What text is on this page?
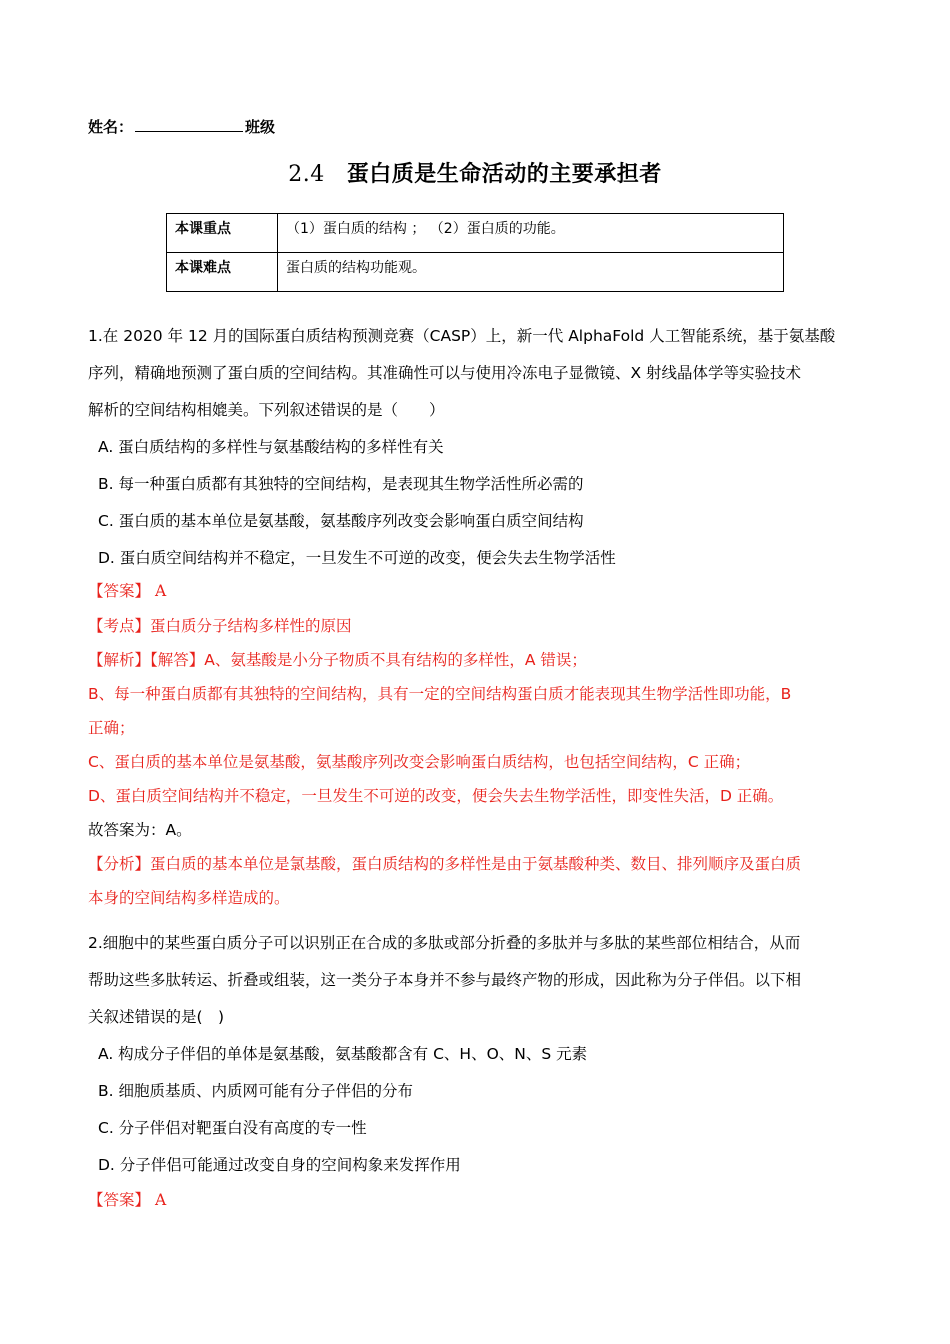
姓名：	班级
2.4 蛋白质是生命活动的主要承担者
本课重点	（1）蛋白质的结构 ； （2）蛋白质的功能。
本课难点	蛋白质的结构功能观。
1.在 2020 年 12 月的国际蛋白质结构预测竞赛（CASP）上，新一代 AlphaFold 人工智能系统，基于氨基酸
序列，精确地预测了蛋白质的空间结构。其准确性可以与使用冷冻电子显微镜、X 射线晶体学等实验技术
解析的空间结构相媲美。下列叙述错误的是（　　）
A. 蛋白质结构的多样性与氨基酸结构的多样性有关
B. 每一种蛋白质都有其独特的空间结构，是表现其生物学活性所必需的
C. 蛋白质的基本单位是氨基酸，氨基酸序列改变会影响蛋白质空间结构
D. 蛋白质空间结构并不稳定，一旦发生不可逆的改变，便会失去生物学活性
【答案】 A
【考点】蛋白质分子结构多样性的原因
【解析】【解答】A、氨基酸是小分子物质不具有结构的多样性，A 错误；
B、每一种蛋白质都有其独特的空间结构，具有一定的空间结构蛋白质才能表现其生物学活性即功能，B
正确；
C、蛋白质的基本单位是氨基酸，氨基酸序列改变会影响蛋白质结构，也包括空间结构，C 正确；
D、蛋白质空间结构并不稳定，一旦发生不可逆的改变，便会失去生物学活性，即变性失活，D 正确。
故答案为：A。
【分析】蛋白质的基本单位是氯基酸，蛋白质结构的多样性是由于氨基酸种类、数目、排列顺序及蛋白质
本身的空间结构多样造成的。
2.细胞中的某些蛋白质分子可以识别正在合成的多肽或部分折叠的多肽并与多肽的某些部位相结合，从而
帮助这些多肽转运、折叠或组装，这一类分子本身并不参与最终产物的形成，因此称为分子伴侣。以下相
关叙述错误的是(　)
A. 构成分子伴侣的单体是氨基酸，氨基酸都含有 C、H、O、N、S 元素
B. 细胞质基质、内质网可能有分子伴侣的分布
C. 分子伴侣对靶蛋白没有高度的专一性
D. 分子伴侣可能通过改变自身的空间构象来发挥作用
【答案】 A
